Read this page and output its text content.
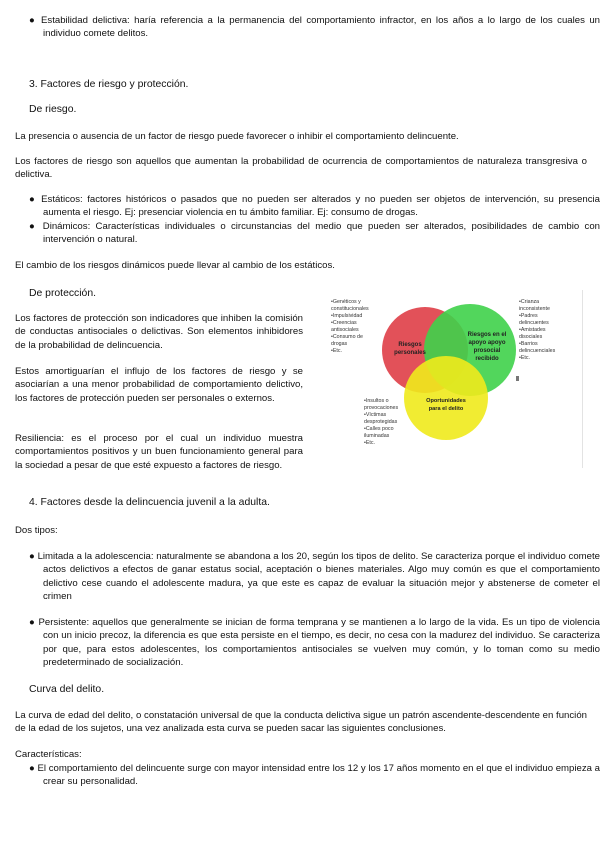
● Estabilidad delictiva: haría referencia a la permanencia del comportamiento infractor, en los años a lo largo de los cuales un individuo comete delitos.
3. Factores de riesgo y protección.
De riesgo.
La presencia o ausencia de un factor de riesgo puede favorecer o inhibir el comportamiento delincuente.
Los factores de riesgo son aquellos que aumentan la probabilidad de ocurrencia de comportamientos de naturaleza transgresiva o delictiva.
● Estáticos: factores históricos o pasados que no pueden ser alterados y no pueden ser objetos de intervención, su presencia aumenta el riesgo. Ej: presenciar violencia en tu ámbito familiar. Ej: consumo de drogas.
● Dinámicos: Características individuales o circunstancias del medio que pueden ser alterados, posibilidades de cambio con intervención o natural.
El cambio de los riesgos dinámicos puede llevar al cambio de los estáticos.
De protección.
Los factores de protección son indicadores que inhiben la comisión de conductas antisociales o delictivas. Son elementos inhibidores de la probabilidad de delincuencia.
Estos amortiguarían el influjo de los factores de riesgo y se asociarían a una menor probabilidad de comportamiento delictivo, los factores de protección pueden ser personales o externos.
Resiliencia: es el proceso por el cual un individuo muestra comportamientos positivos y un buen funcionamiento general para la sociedad a pesar de que esté expuesto a factores de riesgo.
Riesgos
personales
Riesgos en el
apoyo apoyo
prosocial
recibido
Oportunidades
para el delito
•Genéticos y
constitucionales
•Impulsividad
•Creencias
antisociales
•Consumo de
drogas
•Etc.
•Crianza
inconsistente
•Padres
delincuentes
•Amistades
disociales
•Barrios
delincuenciales
•Etc.
•Insultos o
provocaciones
•Víctimas
desprotegidas
•Calles poco
iluminadas
•Etc.
4. Factores desde la delincuencia juvenil a la adulta.
Dos tipos:
● Limitada a la adolescencia: naturalmente se abandona a los 20, según los tipos de delito. Se caracteriza porque el individuo comete actos delictivos a efectos de ganar estatus social, aceptación o bienes materiales. Algo muy común es que el comportamiento delictivo cese cuando el adolescente madura, ya que este es capaz de evaluar la situación mejor y abstenerse de cometer el crimen
● Persistente: aquellos que generalmente se inician de forma temprana y se mantienen a lo largo de la vida. Es un tipo de violencia con un inicio precoz, la diferencia es que esta persiste en el tiempo, es decir, no cesa con la madurez del individuo. Se caracteriza por que, para estos adolescentes, los comportamientos antisociales se vuelven muy común, y lo toman como su medio predeterminado de socialización.
Curva del delito.
La curva de edad del delito, o constatación universal de que la conducta delictiva sigue un patrón ascendente-descendente en función de la edad de los sujetos, una vez analizada esta curva se pueden sacar las siguientes conclusiones.
Características:
● El comportamiento del delincuente surge con mayor intensidad entre los 12 y los 17 años momento en el que el individuo empieza a crear su personalidad.
